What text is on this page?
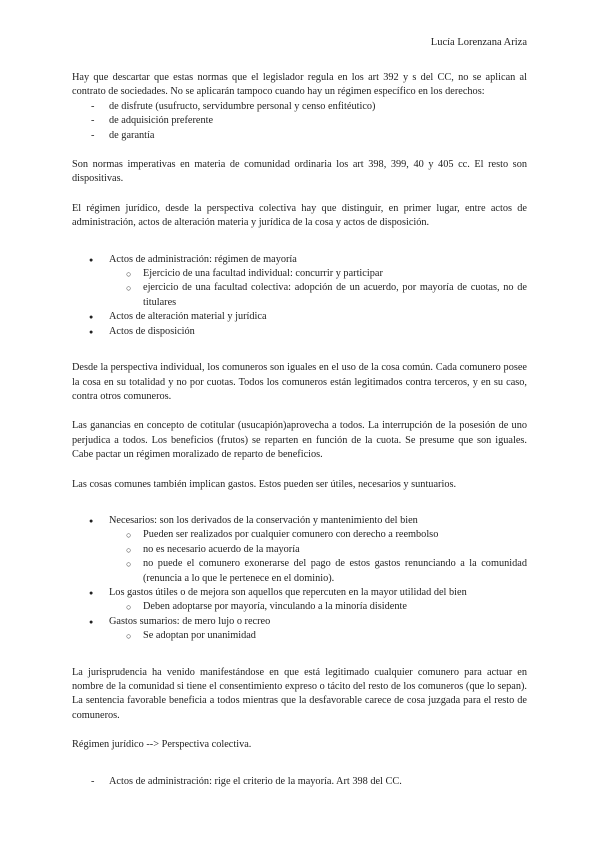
Lucía Lorenzana Ariza

Hay que descartar que estas normas que el legislador regula en los art 392 y s del CC, no se aplican al contrato de sociedades. No se aplicarán tampoco cuando hay un régimen específico en los derechos:

- de disfrute (usufructo, servidumbre personal y censo enfitéutico)
- de adquisición preferente
- de garantía

Son normas imperativas en materia de comunidad ordinaria los art 398, 399, 40 y 405 cc. El resto son dispositivas.

El régimen jurídico, desde la perspectiva colectiva hay que distinguir, en primer lugar, entre actos de administración, actos de alteración materia y jurídica de la cosa y actos de disposición.

● Actos de administración: régimen de mayoría
○ Ejercicio de una facultad individual: concurrir y participar
○ ejercicio de una facultad colectiva: adopción de un acuerdo, por mayoría de cuotas, no de titulares
● Actos de alteración material y jurídica
● Actos de disposición

Desde la perspectiva individual, los comuneros son iguales en el uso de la cosa común. Cada comunero posee la cosa en su totalidad y no por cuotas. Todos los comuneros están legitimados contra terceros, y en su caso, contra otros comuneros.

Las ganancias en concepto de cotitular (usucapión)aprovecha a todos. La interrupción de la posesión de uno perjudica a todos. Los beneficios (frutos) se reparten en función de la cuota. Se presume que son iguales. Cabe pactar un régimen moralizado de reparto de beneficios.

Las cosas comunes también implican gastos. Estos pueden ser útiles, necesarios y suntuarios.

● Necesarios: son los derivados de la conservación y mantenimiento del bien
○ Pueden ser realizados por cualquier comunero con derecho a reembolso
○ no es necesario acuerdo de la mayoría
○ no puede el comunero exonerarse del pago de estos gastos renunciando a la comunidad (renuncia a lo que le pertenece en el dominio).
● Los gastos útiles o de mejora son aquellos que repercuten en la mayor utilidad del bien
○ Deben adoptarse por mayoría, vinculando a la minoría disidente
● Gastos sumarios: de mero lujo o recreo
○ Se adoptan por unanimidad

La jurisprudencia ha venido manifestándose en que está legitimado cualquier comunero para actuar en nombre de la comunidad si tiene el consentimiento expreso o tácito del resto de los comuneros (que lo sepan). La sentencia favorable beneficia a todos mientras que la desfavorable carece de cosa juzgada para el resto de comuneros.

Régimen jurídico --> Perspectiva colectiva.

- Actos de administración: rige el criterio de la mayoría. Art 398 del CC.
